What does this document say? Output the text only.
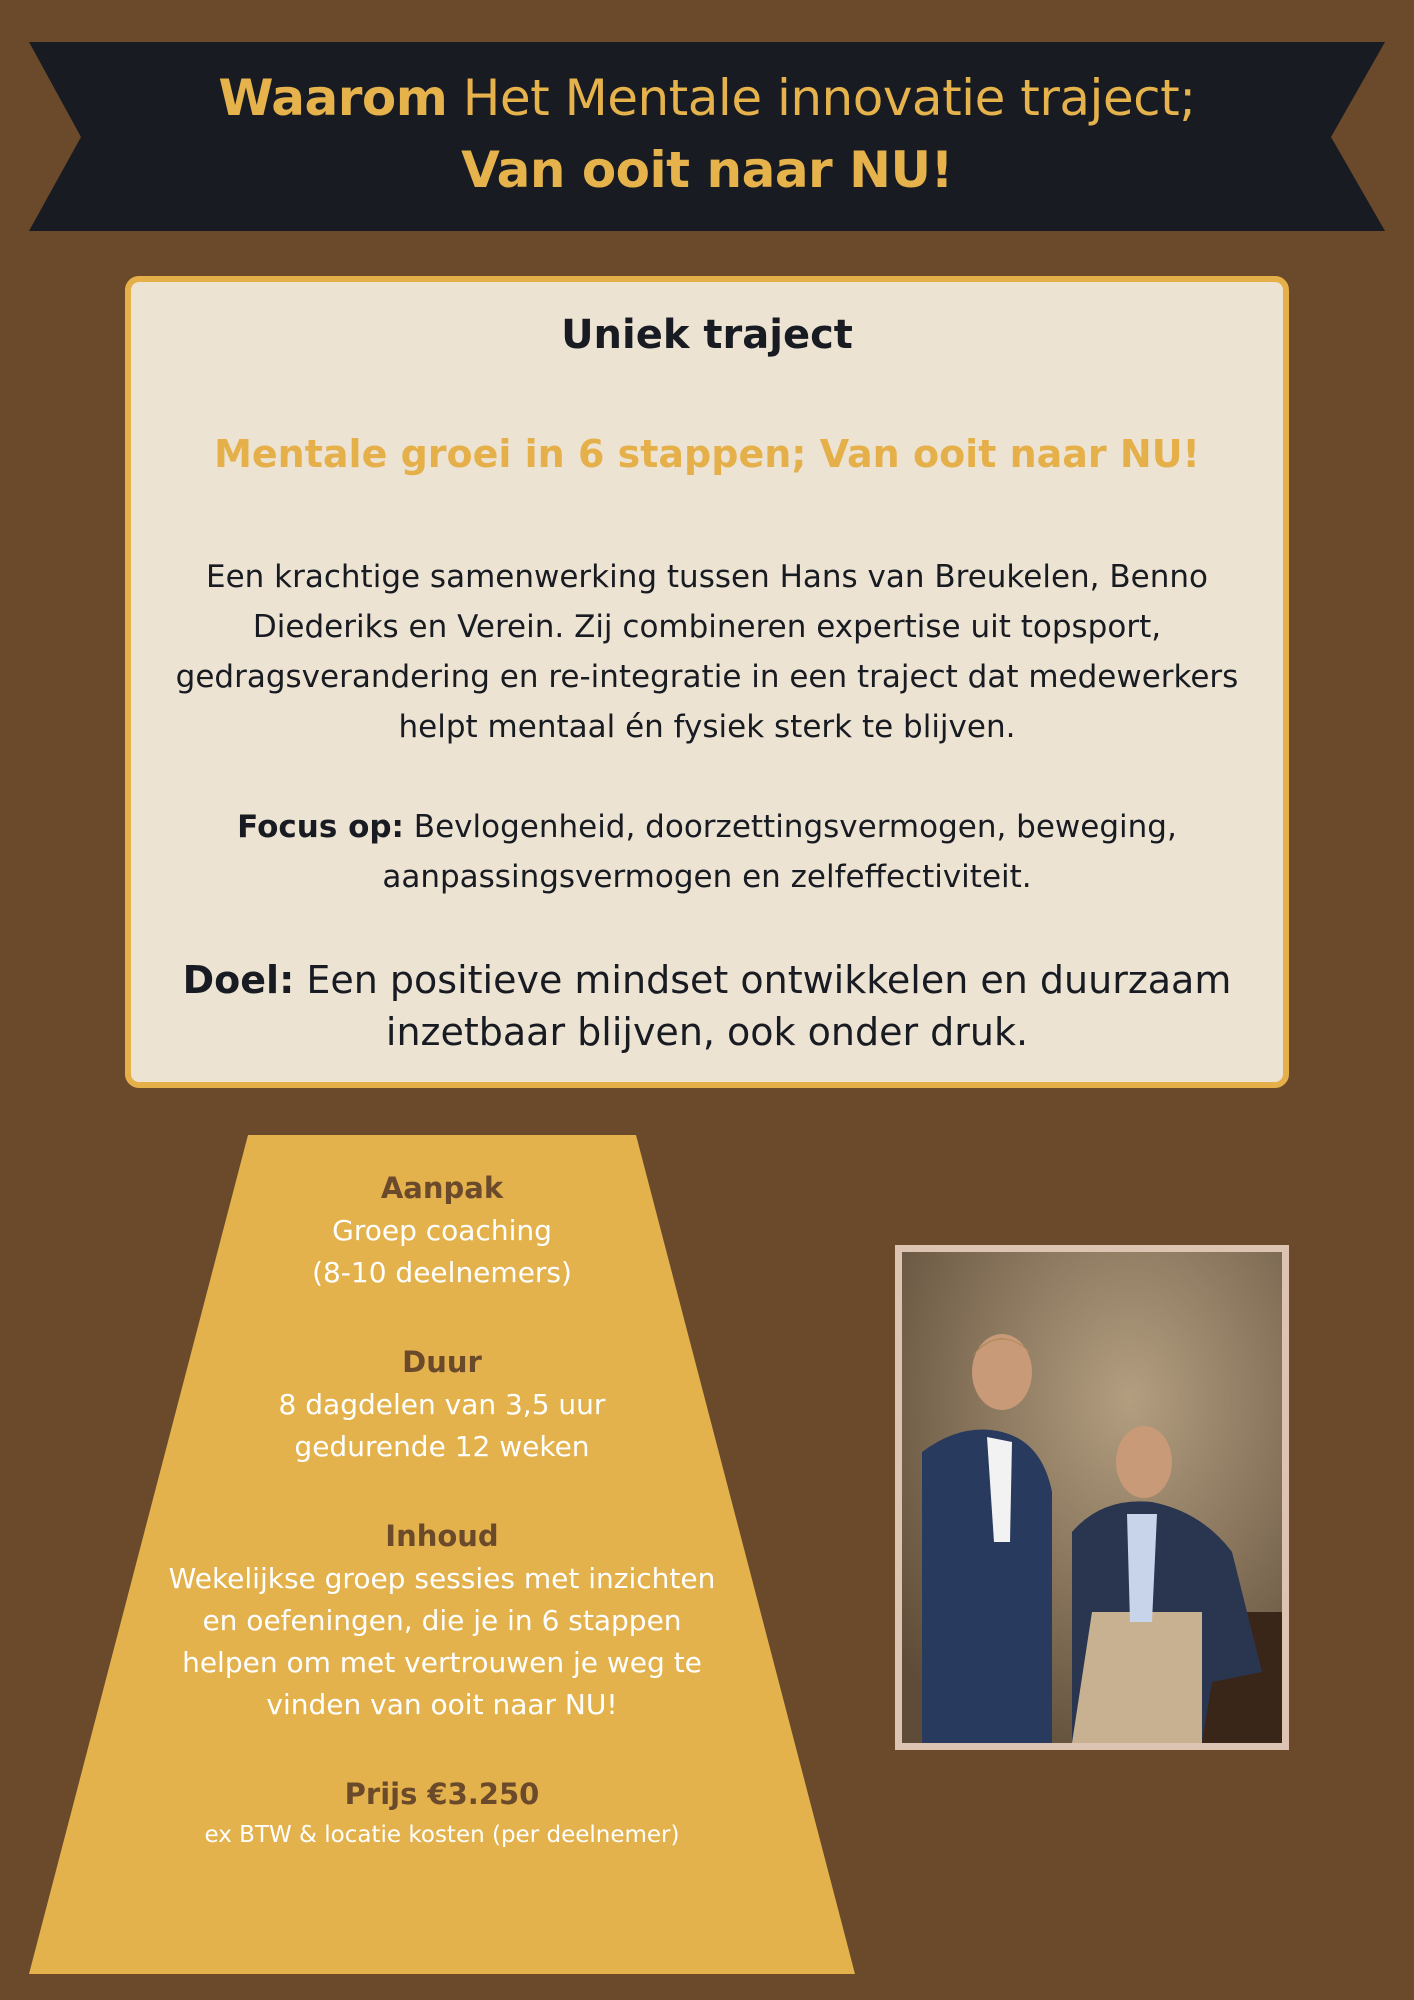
Waarom Het Mentale innovatie traject;
Van ooit naar NU!
Uniek traject
Mentale groei in 6 stappen; Van ooit naar NU!
Een krachtige samenwerking tussen Hans van Breukelen, Benno Diederiks en Verein. Zij combineren expertise uit topsport, gedragsverandering en re-integratie in een traject dat medewerkers helpt mentaal én fysiek sterk te blijven.
Focus op: Bevlogenheid, doorzettingsvermogen, beweging, aanpassingsvermogen en zelfeffectiviteit.
Doel: Een positieve mindset ontwikkelen en duurzaam inzetbaar blijven, ook onder druk.
Aanpak
Groep coaching
(8-10 deelnemers)
Duur
8 dagdelen van 3,5 uur
gedurende 12 weken
Inhoud
Wekelijkse groep sessies met inzichten en oefeningen, die je in 6 stappen helpen om met vertrouwen je weg te vinden van ooit naar NU!
Prijs €3.250
ex BTW & locatie kosten (per deelnemer)
